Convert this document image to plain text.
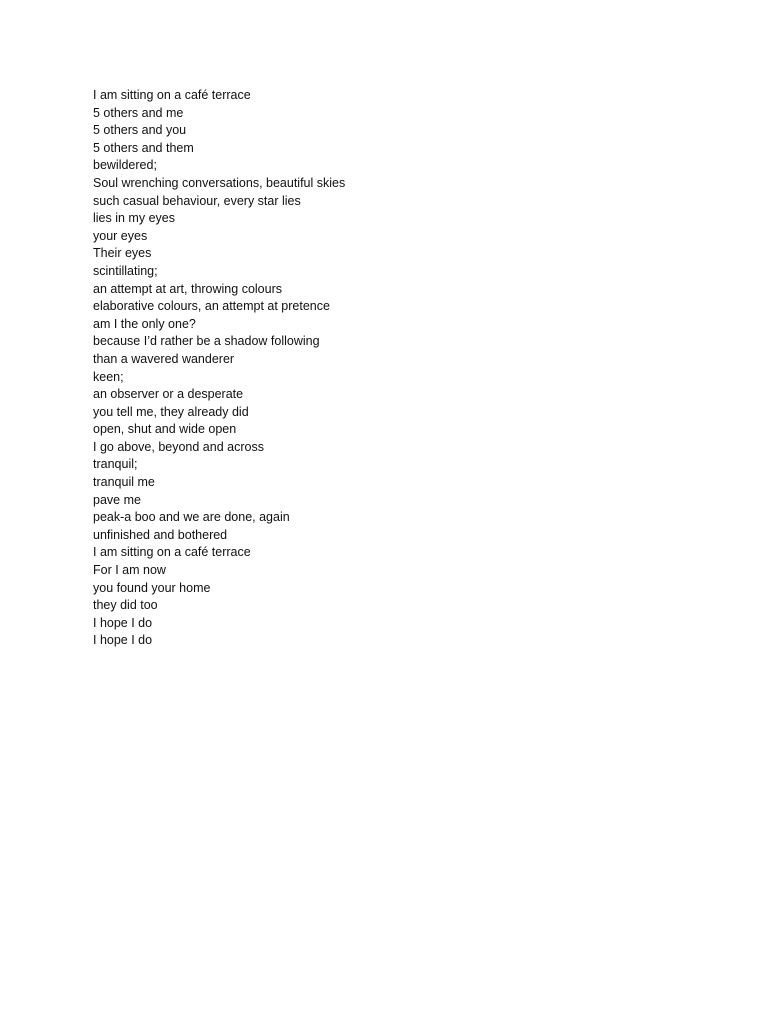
I am sitting on a café terrace
5 others and me
5 others and you
5 others and them
bewildered;
Soul wrenching conversations, beautiful skies
such casual behaviour, every star lies
lies in my eyes
your eyes
Their eyes
scintillating;
an attempt at art, throwing colours
elaborative colours, an attempt at pretence
am I the only one?
because I’d rather be a shadow following
than a wavered wanderer
keen;
an observer or a desperate
you tell me, they already did
open, shut and wide open
I go above, beyond and across
tranquil;
tranquil me
pave me
peak-a boo and we are done, again
unfinished and bothered
I am sitting on a café terrace
For I am now
you found your home
they did too
I hope I do
I hope I do
